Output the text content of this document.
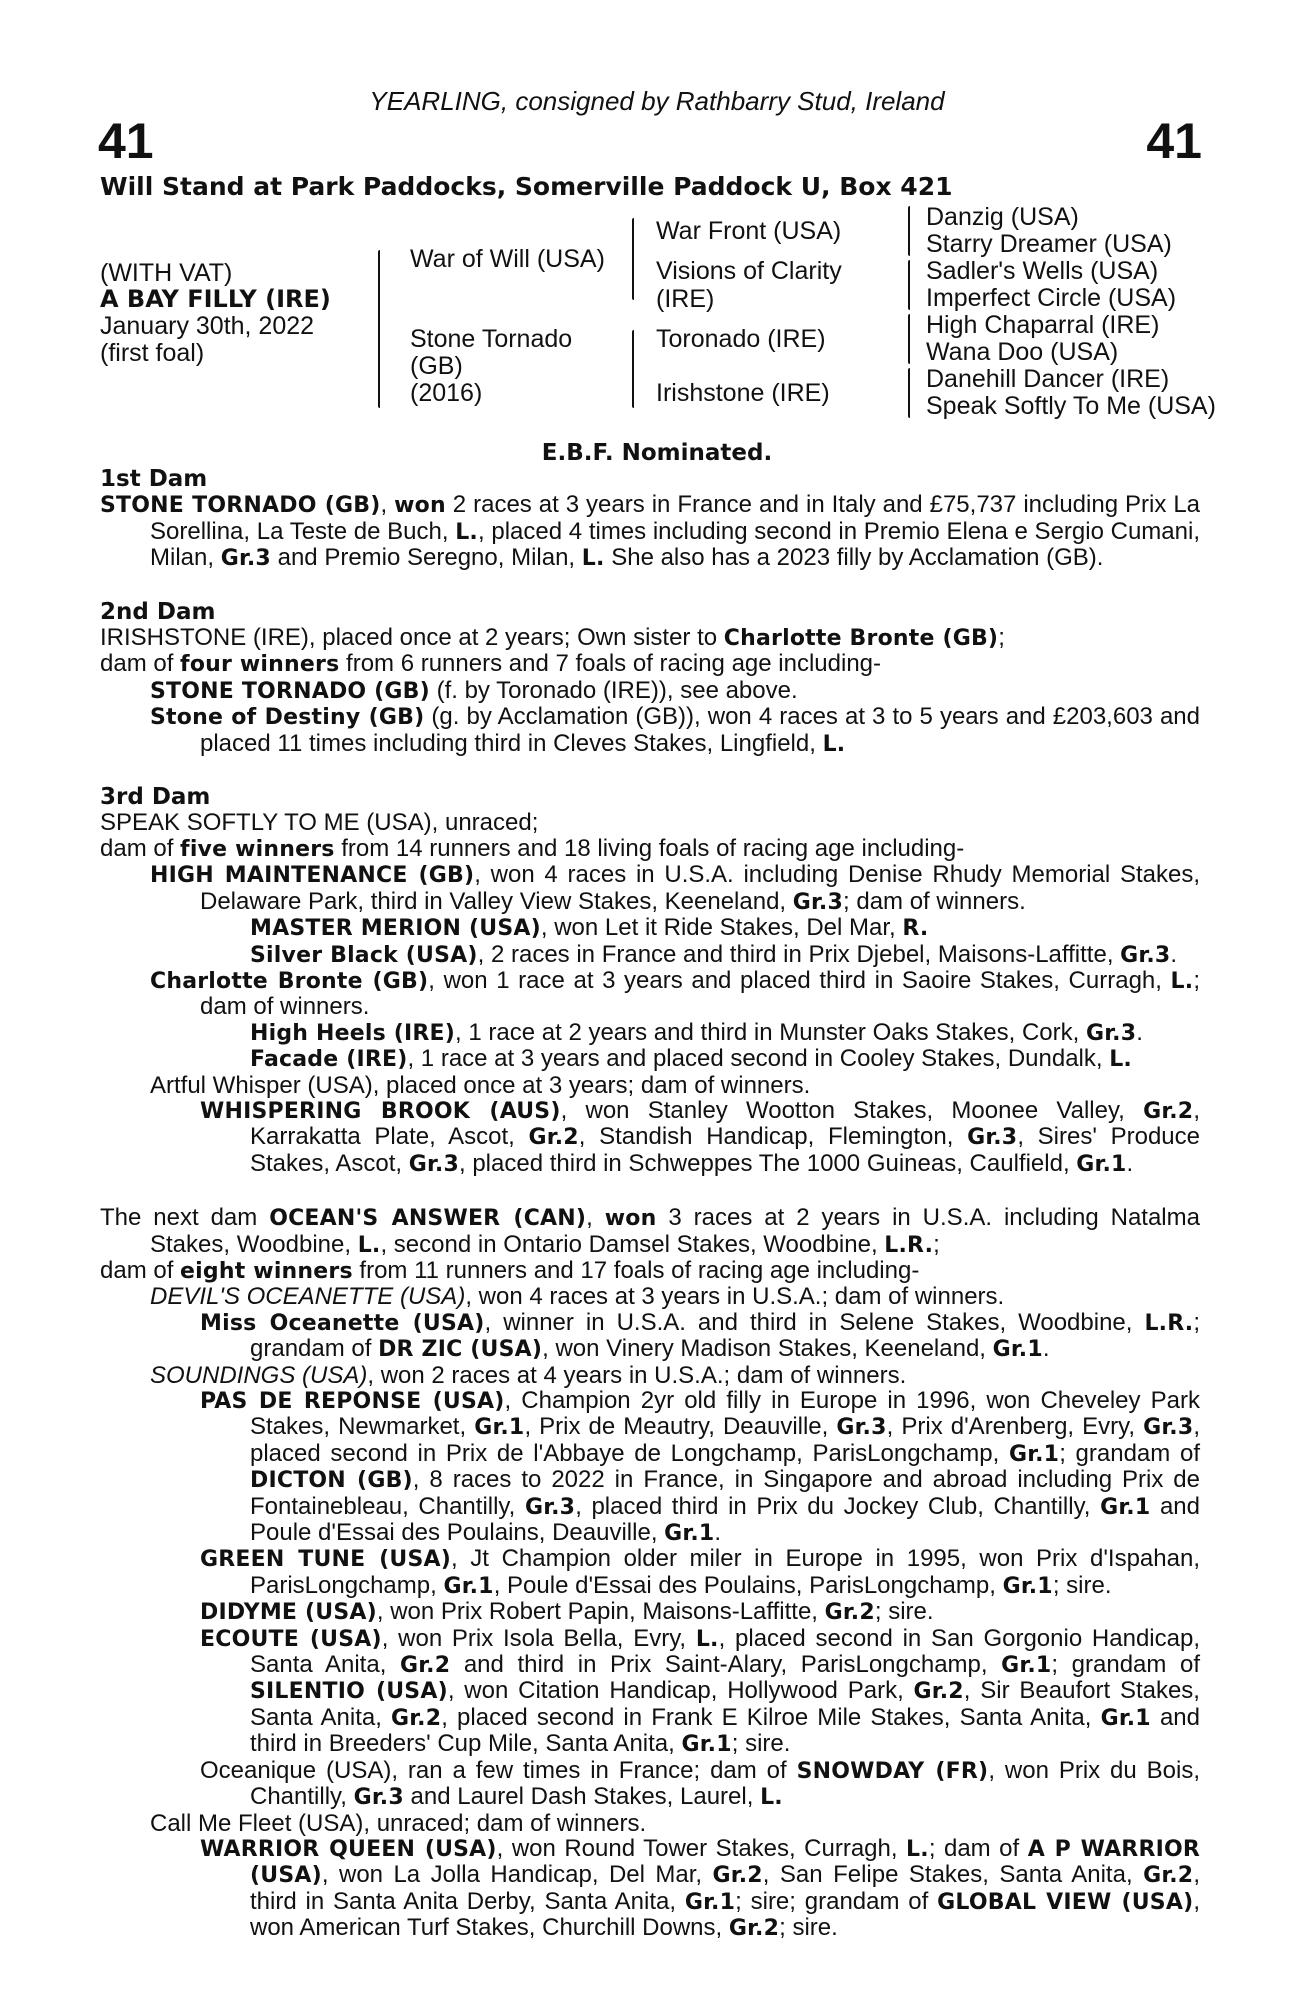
41	41
YEARLING, consigned by Rathbarry Stud, Ireland
Will Stand at Park Paddocks, Somerville Paddock U, Box 421
(WITH VAT)
A BAY FILLY (IRE)
January 30th, 2022
(first foal)
War of Will (USA)
Stone Tornado
(GB)
(2016)
War Front (USA)
Visions of Clarity
(IRE)
Toronado (IRE)
Irishstone (IRE)
Danzig (USA)
Starry Dreamer (USA)
Sadler's Wells (USA)
Imperfect Circle (USA)
High Chaparral (IRE)
Wana Doo (USA)
Danehill Dancer (IRE)
Speak Softly To Me (USA)
E.B.F. Nominated.
1st Dam
STONE TORNADO (GB), won 2 races at 3 years in France and in Italy and £75,737 including Prix La Sorellina, La Teste de Buch, L., placed 4 times including second in Premio Elena e Sergio Cumani, Milan, Gr.3 and Premio Seregno, Milan, L. She also has a 2023 filly by Acclamation (GB).
2nd Dam
IRISHSTONE (IRE), placed once at 2 years; Own sister to Charlotte Bronte (GB);
dam of four winners from 6 runners and 7 foals of racing age including-
STONE TORNADO (GB) (f. by Toronado (IRE)), see above.
Stone of Destiny (GB) (g. by Acclamation (GB)), won 4 races at 3 to 5 years and £203,603 and placed 11 times including third in Cleves Stakes, Lingfield, L.
3rd Dam
SPEAK SOFTLY TO ME (USA), unraced;
dam of five winners from 14 runners and 18 living foals of racing age including-
HIGH MAINTENANCE (GB), won 4 races in U.S.A. including Denise Rhudy Memorial Stakes, Delaware Park, third in Valley View Stakes, Keeneland, Gr.3; dam of winners.
MASTER MERION (USA), won Let it Ride Stakes, Del Mar, R.
Silver Black (USA), 2 races in France and third in Prix Djebel, Maisons-Laffitte, Gr.3.
Charlotte Bronte (GB), won 1 race at 3 years and placed third in Saoire Stakes, Curragh, L.; dam of winners.
High Heels (IRE), 1 race at 2 years and third in Munster Oaks Stakes, Cork, Gr.3.
Facade (IRE), 1 race at 3 years and placed second in Cooley Stakes, Dundalk, L.
Artful Whisper (USA), placed once at 3 years; dam of winners.
WHISPERING BROOK (AUS), won Stanley Wootton Stakes, Moonee Valley, Gr.2, Karrakatta Plate, Ascot, Gr.2, Standish Handicap, Flemington, Gr.3, Sires' Produce Stakes, Ascot, Gr.3, placed third in Schweppes The 1000 Guineas, Caulfield, Gr.1.
The next dam OCEAN'S ANSWER (CAN), won 3 races at 2 years in U.S.A. including Natalma Stakes, Woodbine, L., second in Ontario Damsel Stakes, Woodbine, L.R.;
dam of eight winners from 11 runners and 17 foals of racing age including-
DEVIL'S OCEANETTE (USA), won 4 races at 3 years in U.S.A.; dam of winners.
Miss Oceanette (USA), winner in U.S.A. and third in Selene Stakes, Woodbine, L.R.; grandam of DR ZIC (USA), won Vinery Madison Stakes, Keeneland, Gr.1.
SOUNDINGS (USA), won 2 races at 4 years in U.S.A.; dam of winners.
PAS DE REPONSE (USA), Champion 2yr old filly in Europe in 1996, won Cheveley Park Stakes, Newmarket, Gr.1, Prix de Meautry, Deauville, Gr.3, Prix d'Arenberg, Evry, Gr.3, placed second in Prix de l'Abbaye de Longchamp, ParisLongchamp, Gr.1; grandam of DICTON (GB), 8 races to 2022 in France, in Singapore and abroad including Prix de Fontainebleau, Chantilly, Gr.3, placed third in Prix du Jockey Club, Chantilly, Gr.1 and Poule d'Essai des Poulains, Deauville, Gr.1.
GREEN TUNE (USA), Jt Champion older miler in Europe in 1995, won Prix d'Ispahan, ParisLongchamp, Gr.1, Poule d'Essai des Poulains, ParisLongchamp, Gr.1; sire.
DIDYME (USA), won Prix Robert Papin, Maisons-Laffitte, Gr.2; sire.
ECOUTE (USA), won Prix Isola Bella, Evry, L., placed second in San Gorgonio Handicap, Santa Anita, Gr.2 and third in Prix Saint-Alary, ParisLongchamp, Gr.1; grandam of SILENTIO (USA), won Citation Handicap, Hollywood Park, Gr.2, Sir Beaufort Stakes, Santa Anita, Gr.2, placed second in Frank E Kilroe Mile Stakes, Santa Anita, Gr.1 and third in Breeders' Cup Mile, Santa Anita, Gr.1; sire.
Oceanique (USA), ran a few times in France; dam of SNOWDAY (FR), won Prix du Bois, Chantilly, Gr.3 and Laurel Dash Stakes, Laurel, L.
Call Me Fleet (USA), unraced; dam of winners.
WARRIOR QUEEN (USA), won Round Tower Stakes, Curragh, L.; dam of A P WARRIOR (USA), won La Jolla Handicap, Del Mar, Gr.2, San Felipe Stakes, Santa Anita, Gr.2, third in Santa Anita Derby, Santa Anita, Gr.1; sire; grandam of GLOBAL VIEW (USA), won American Turf Stakes, Churchill Downs, Gr.2; sire.
